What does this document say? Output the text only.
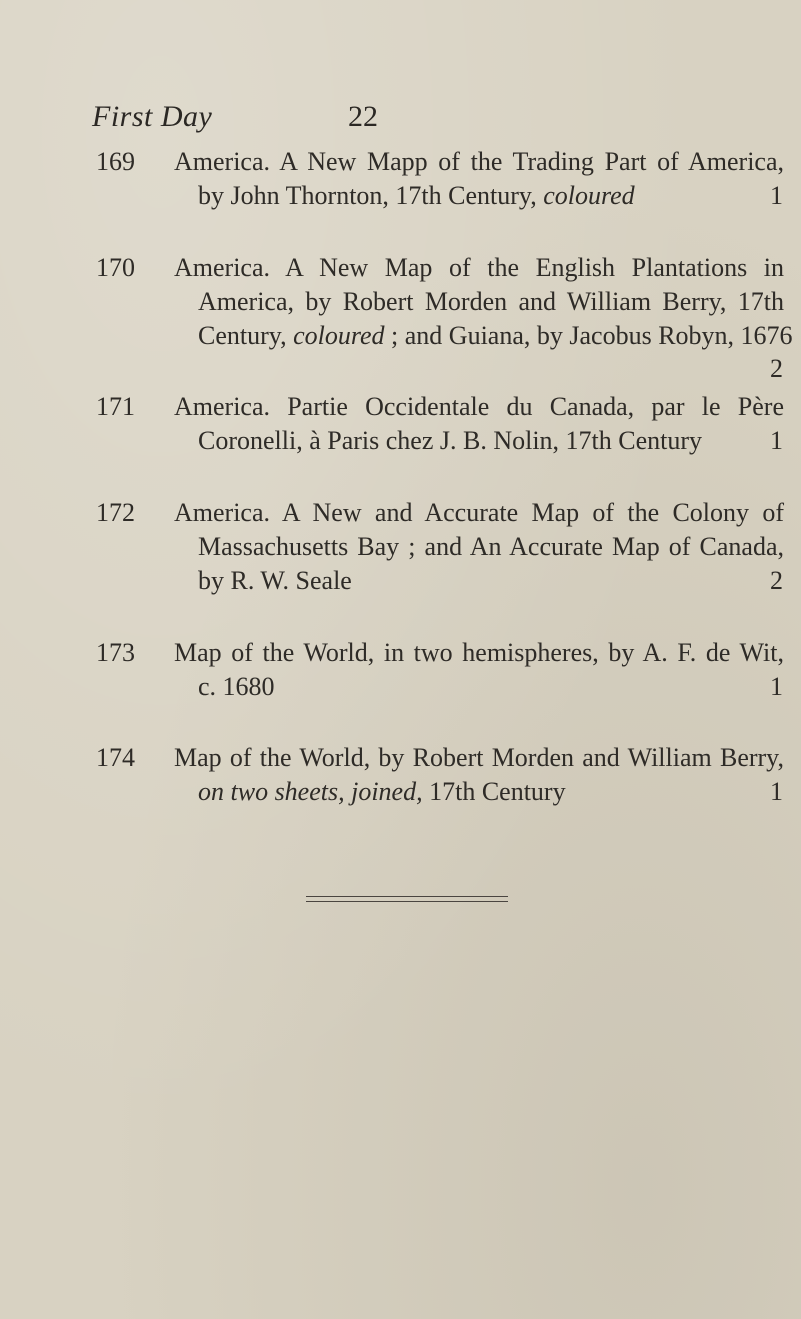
First Day	22
169	America. A New Mapp of the Trading Part of America,
by John Thornton, 17th Century, coloured	1
170	America. A New Map of the English Plantations in
America, by Robert Morden and William Berry, 17th
Century, coloured ; and Guiana, by Jacobus Robyn, 1676
2
171	America. Partie Occidentale du Canada, par le Père
Coronelli, à Paris chez J. B. Nolin, 17th Century	1
172	America. A New and Accurate Map of the Colony of
Massachusetts Bay ; and An Accurate Map of Canada,
by R. W. Seale	2
173	Map of the World, in two hemispheres, by A. F. de Wit,
c. 1680	1
174	Map of the World, by Robert Morden and William Berry,
on two sheets, joined, 17th Century	1
